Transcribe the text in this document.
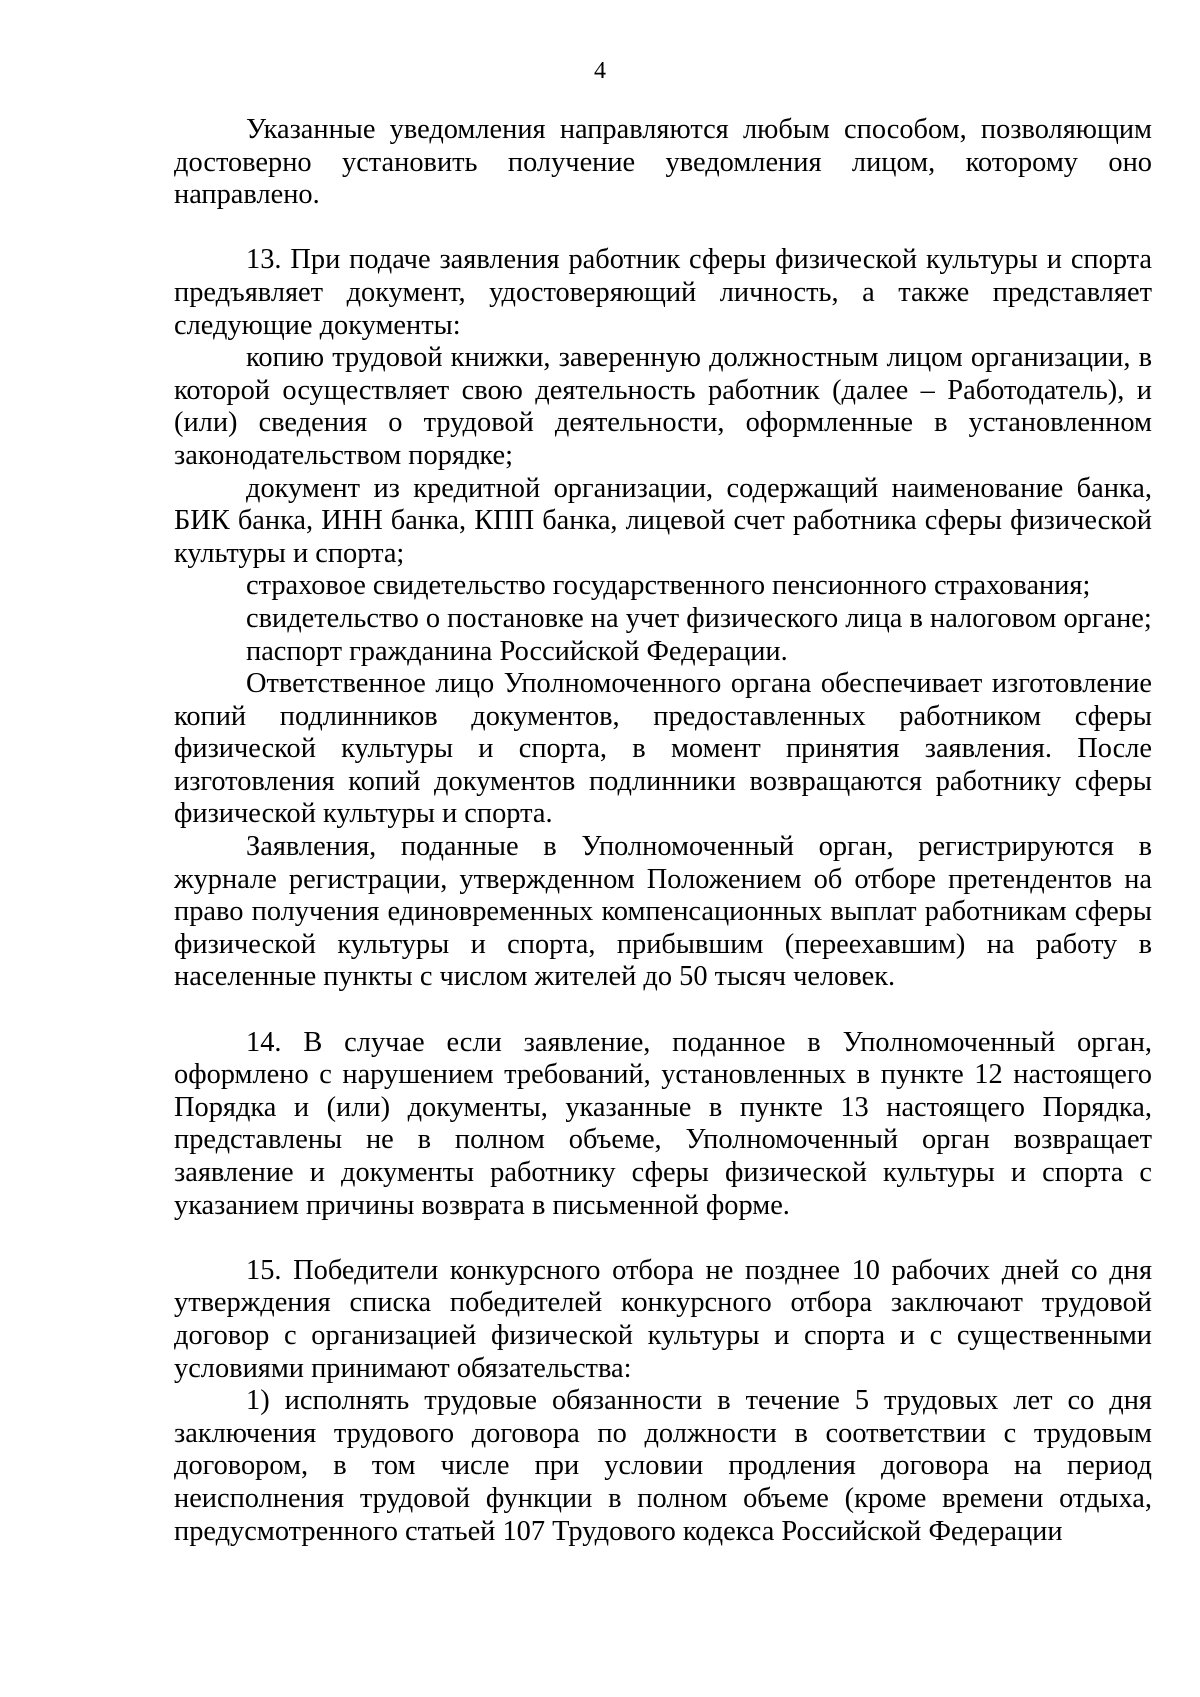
4

Указанные уведомления направляются любым способом, позволяющим достоверно установить получение уведомления лицом, которому оно направлено.

13. При подаче заявления работник сферы физической культуры и спорта предъявляет документ, удостоверяющий личность, а также представляет следующие документы:

копию трудовой книжки, заверенную должностным лицом организации, в которой осуществляет свою деятельность работник (далее – Работодатель), и (или) сведения о трудовой деятельности, оформленные в установленном законодательством порядке;

документ из кредитной организации, содержащий наименование банка, БИК банка, ИНН банка, КПП банка, лицевой счет работника сферы физической культуры и спорта;

страховое свидетельство государственного пенсионного страхования;

свидетельство о постановке на учет физического лица в налоговом органе;

паспорт гражданина Российской Федерации.

Ответственное лицо Уполномоченного органа обеспечивает изготовление копий подлинников документов, предоставленных работником сферы физической культуры и спорта, в момент принятия заявления. После изготовления копий документов подлинники возвращаются работнику сферы физической культуры и спорта.

Заявления, поданные в Уполномоченный орган, регистрируются в журнале регистрации, утвержденном Положением об отборе претендентов на право получения единовременных компенсационных выплат работникам сферы физической культуры и спорта, прибывшим (переехавшим) на работу в населенные пункты с числом жителей до 50 тысяч человек.

14. В случае если заявление, поданное в Уполномоченный орган, оформлено с нарушением требований, установленных в пункте 12 настоящего Порядка и (или) документы, указанные в пункте 13 настоящего Порядка, представлены не в полном объеме, Уполномоченный орган возвращает заявление и документы работнику сферы физической культуры и спорта с указанием причины возврата в письменной форме.

15. Победители конкурсного отбора не позднее 10 рабочих дней со дня утверждения списка победителей конкурсного отбора заключают трудовой договор с организацией физической культуры и спорта и с существенными условиями принимают обязательства:

1) исполнять трудовые обязанности в течение 5 трудовых лет со дня заключения трудового договора по должности в соответствии с трудовым договором, в том числе при условии продления договора на период неисполнения трудовой функции в полном объеме (кроме времени отдыха, предусмотренного статьей 107 Трудового кодекса Российской Федерации
